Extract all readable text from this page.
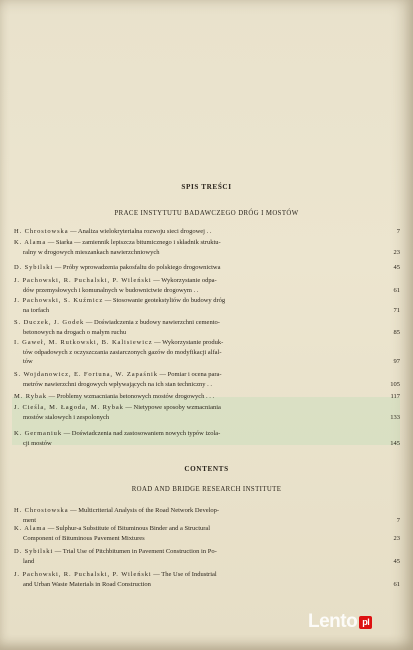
SPIS TREŚCI
PRACE INSTYTUTU BADAWCZEGO DRÓG I MOSTÓW
H. Chrostowska — Analiza wielokryterialna rozwoju sieci drogowej . .	7
K. Alama — Siarka — zamiennik lepiszcza bitumicznego i składnik struktu-
ralny w drogowych mieszankach nawierzchniowych	23
D. Sybilski — Próby wprowadzenia pakosfaltu do polskiego drogownictwa	45
J. Pachowski, R. Puchalski, P. Wileński — Wykorzystanie odpa-
dów przemysłowych i komunalnych w budownictwie drogowym . .	61
J. Pachowski, S. Kuźmicz — Stosowanie geotekstyliów do budowy dróg
na torfach	71
S. Duczek, J. Godek — Doświadczenia z budowy nawierzchni cemento-
betonowych na drogach o małym ruchu	85
I. Gaweł, M. Rutkowski, B. Kalisiewicz — Wykorzystanie produk-
tów odpadowych z oczyszczania zasiarczonych gazów do modyfikacji alfal-
tów	97
S. Wojdanowicz, E. Fortuna, W. Zapaśnik — Pomiar i ocena para-
metrów nawierzchni drogowych wpływających na ich stan techniczny . .	105
M. Rybak — Problemy wzmacniania betonowych mostów drogowych . . .	117
J. Cieśla, M. Łagoda, M. Rybak — Nietypowe sposoby wzmacniania
mostów stalowych i zespolonych	133
K. Germaniuk — Doświadczenia nad zastosowaniem nowych typów izola-
cji mostów	145
CONTENTS
ROAD AND BRIDGE RESEARCH INSTITUTE
H. Chrostowska — Multicriterial Analysis of the Road Network Develop-
ment	7
K. Alama — Sulphur-a Substitute of Bituminous Binder and a Structural
Component of Bituminous Pavement Mixtures	23
D. Sybilski — Trial Use of Pitchbitumen in Pavement Construction in Po-
land	45
J. Pachowski, R. Puchalski, P. Wileński — The Use of Industrial
and Urban Waste Materials in Road Construction	61
Lento pl
